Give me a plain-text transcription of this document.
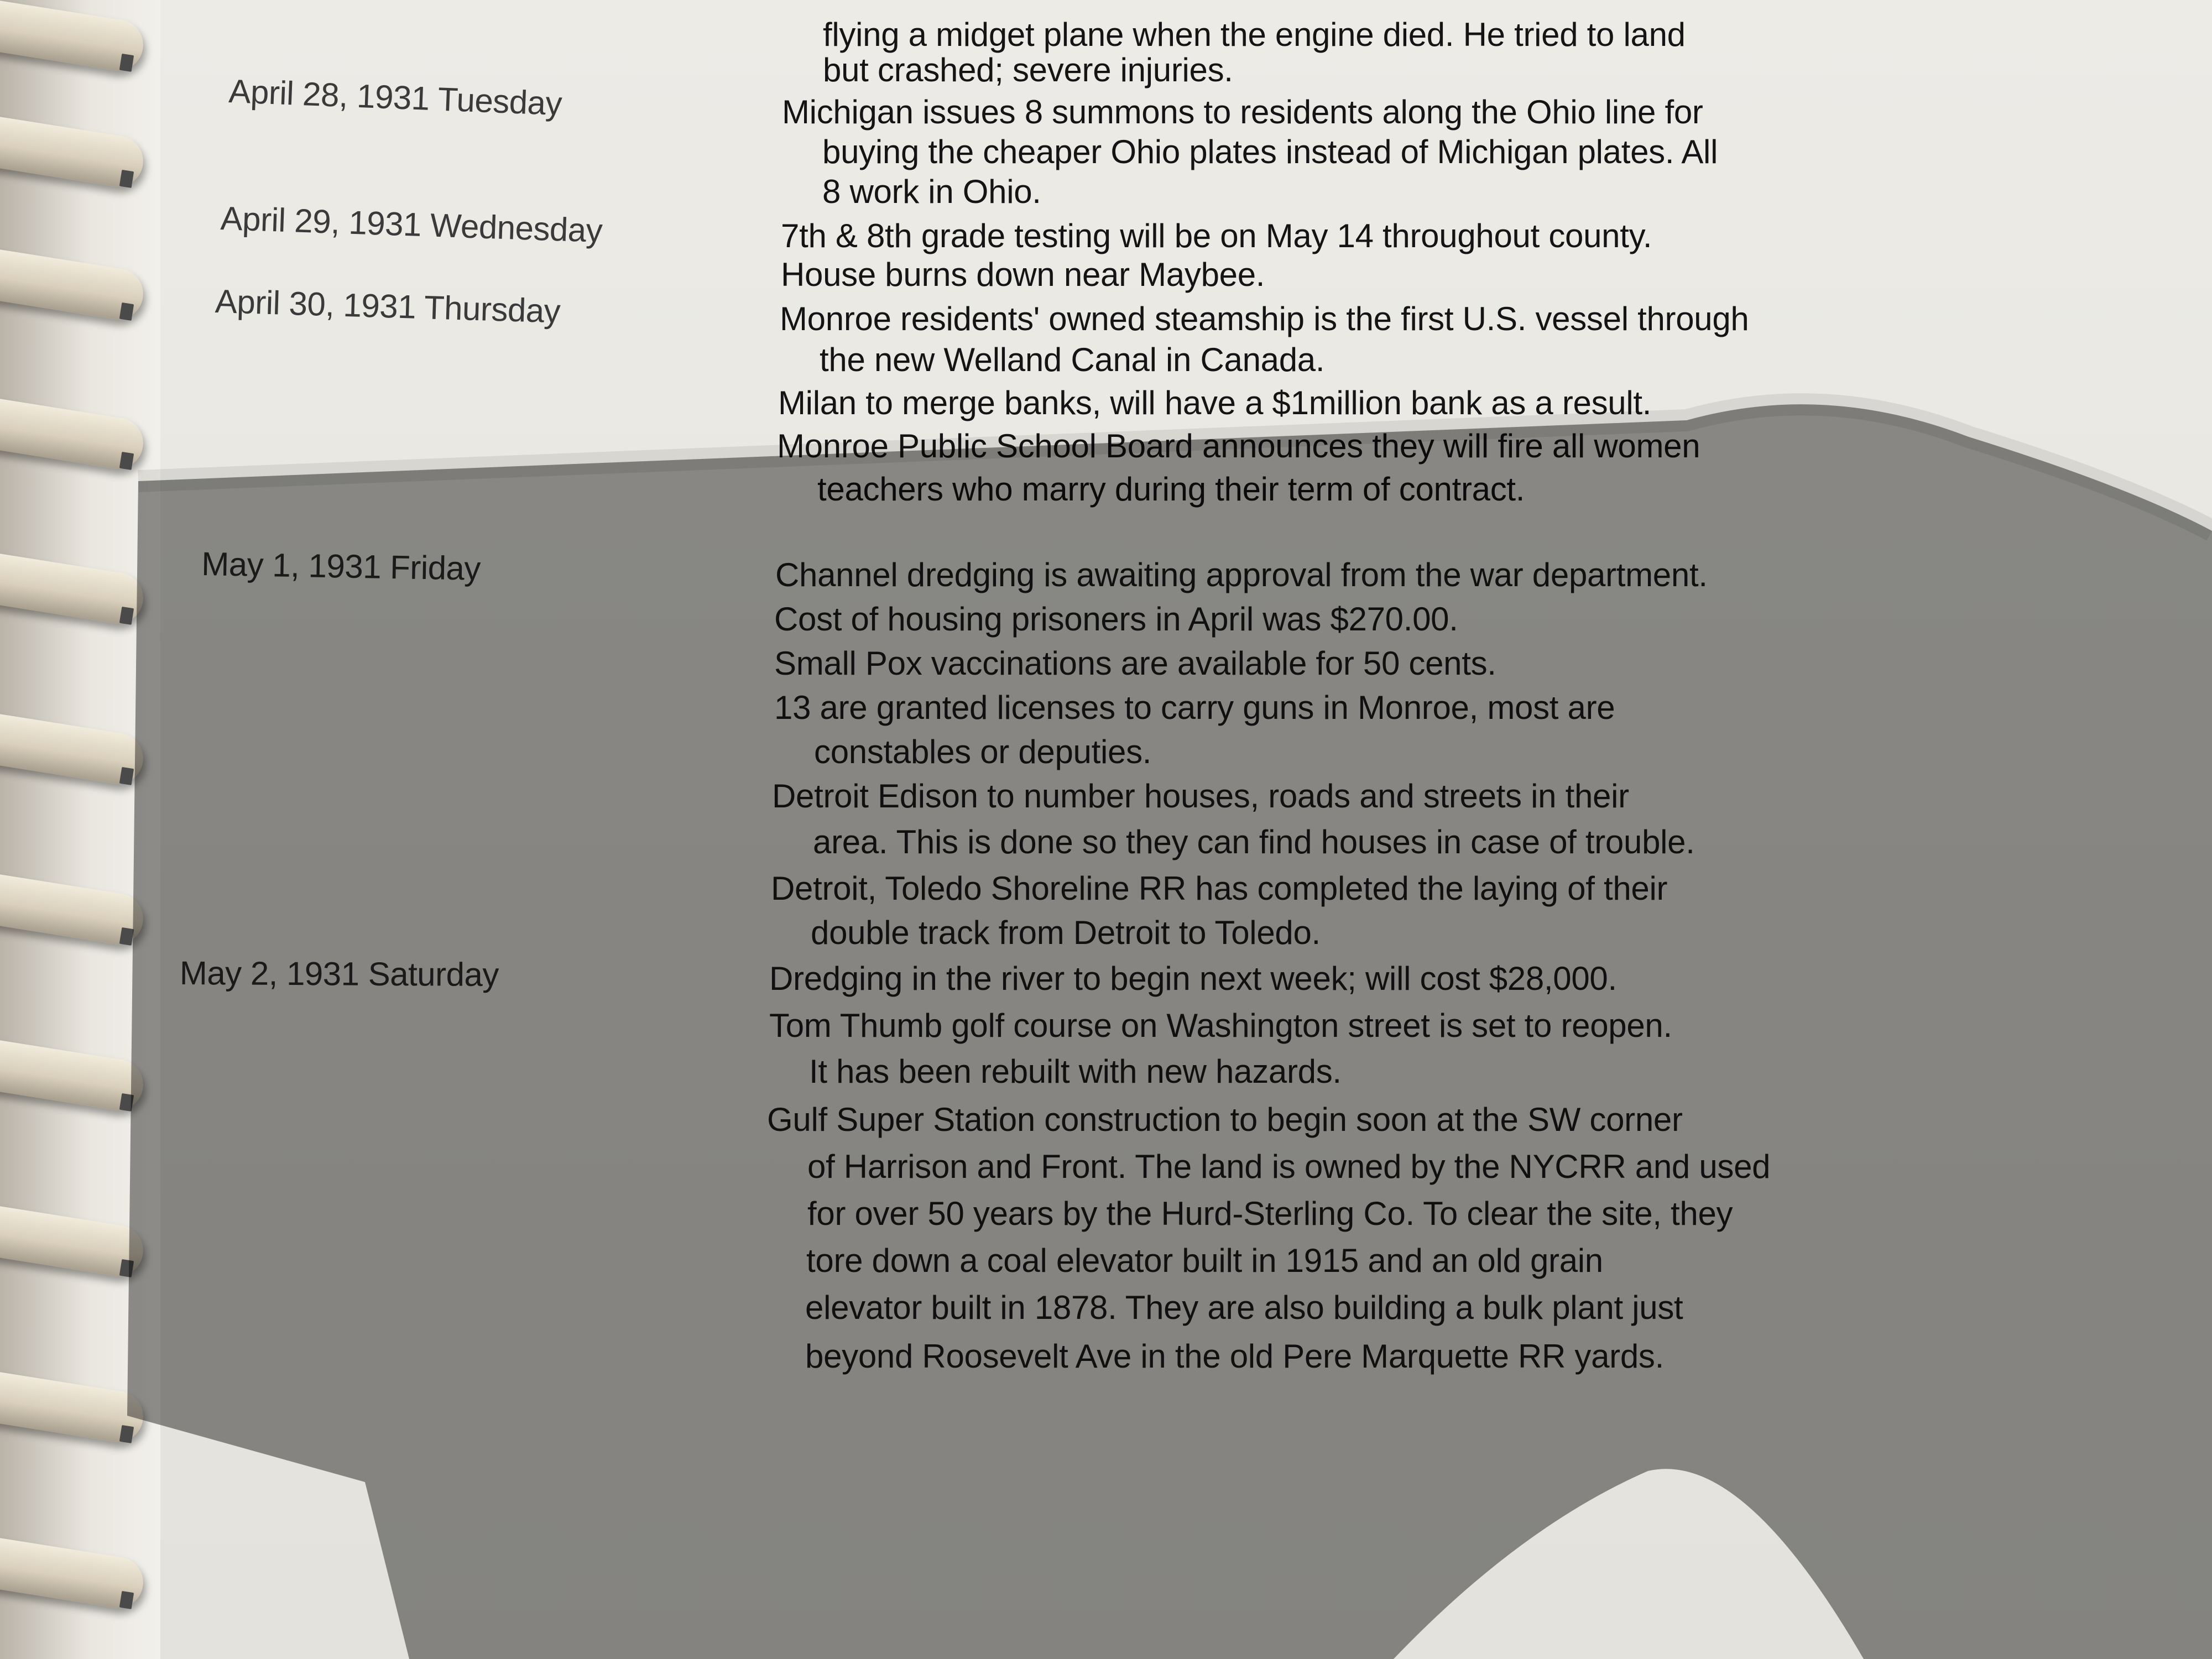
April 28, 1931 Tuesday
April 29, 1931 Wednesday
April 30, 1931 Thursday
May 1, 1931 Friday
May 2, 1931 Saturday
flying a midget plane when the engine died. He tried to land
but crashed; severe injuries.
Michigan issues 8 summons to residents along the Ohio line for
buying the cheaper Ohio plates instead of Michigan plates. All
8 work in Ohio.
7th & 8th grade testing will be on May 14 throughout county.
House burns down near Maybee.
Monroe residents' owned steamship is the first U.S. vessel through
the new Welland Canal in Canada.
Milan to merge banks, will have a $1million bank as a result.
Monroe Public School Board announces they will fire all women
teachers who marry during their term of contract.
Channel dredging is awaiting approval from the war department.
Cost of housing prisoners in April was $270.00.
Small Pox vaccinations are available for 50 cents.
13 are granted licenses to carry guns in Monroe, most are
constables or deputies.
Detroit Edison to number houses, roads and streets in their
area. This is done so they can find houses in case of trouble.
Detroit, Toledo Shoreline RR has completed the laying of their
double track from Detroit to Toledo.
Dredging in the river to begin next week; will cost $28,000.
Tom Thumb golf course on Washington street is set to reopen.
It has been rebuilt with new hazards.
Gulf Super Station construction to begin soon at the SW corner
of Harrison and Front. The land is owned by the NYCRR and used
for over 50 years by the Hurd-Sterling Co. To clear the site, they
tore down a coal elevator built in 1915 and an old grain
elevator built in 1878. They are also building a bulk plant just
beyond Roosevelt Ave in the old Pere Marquette RR yards.
